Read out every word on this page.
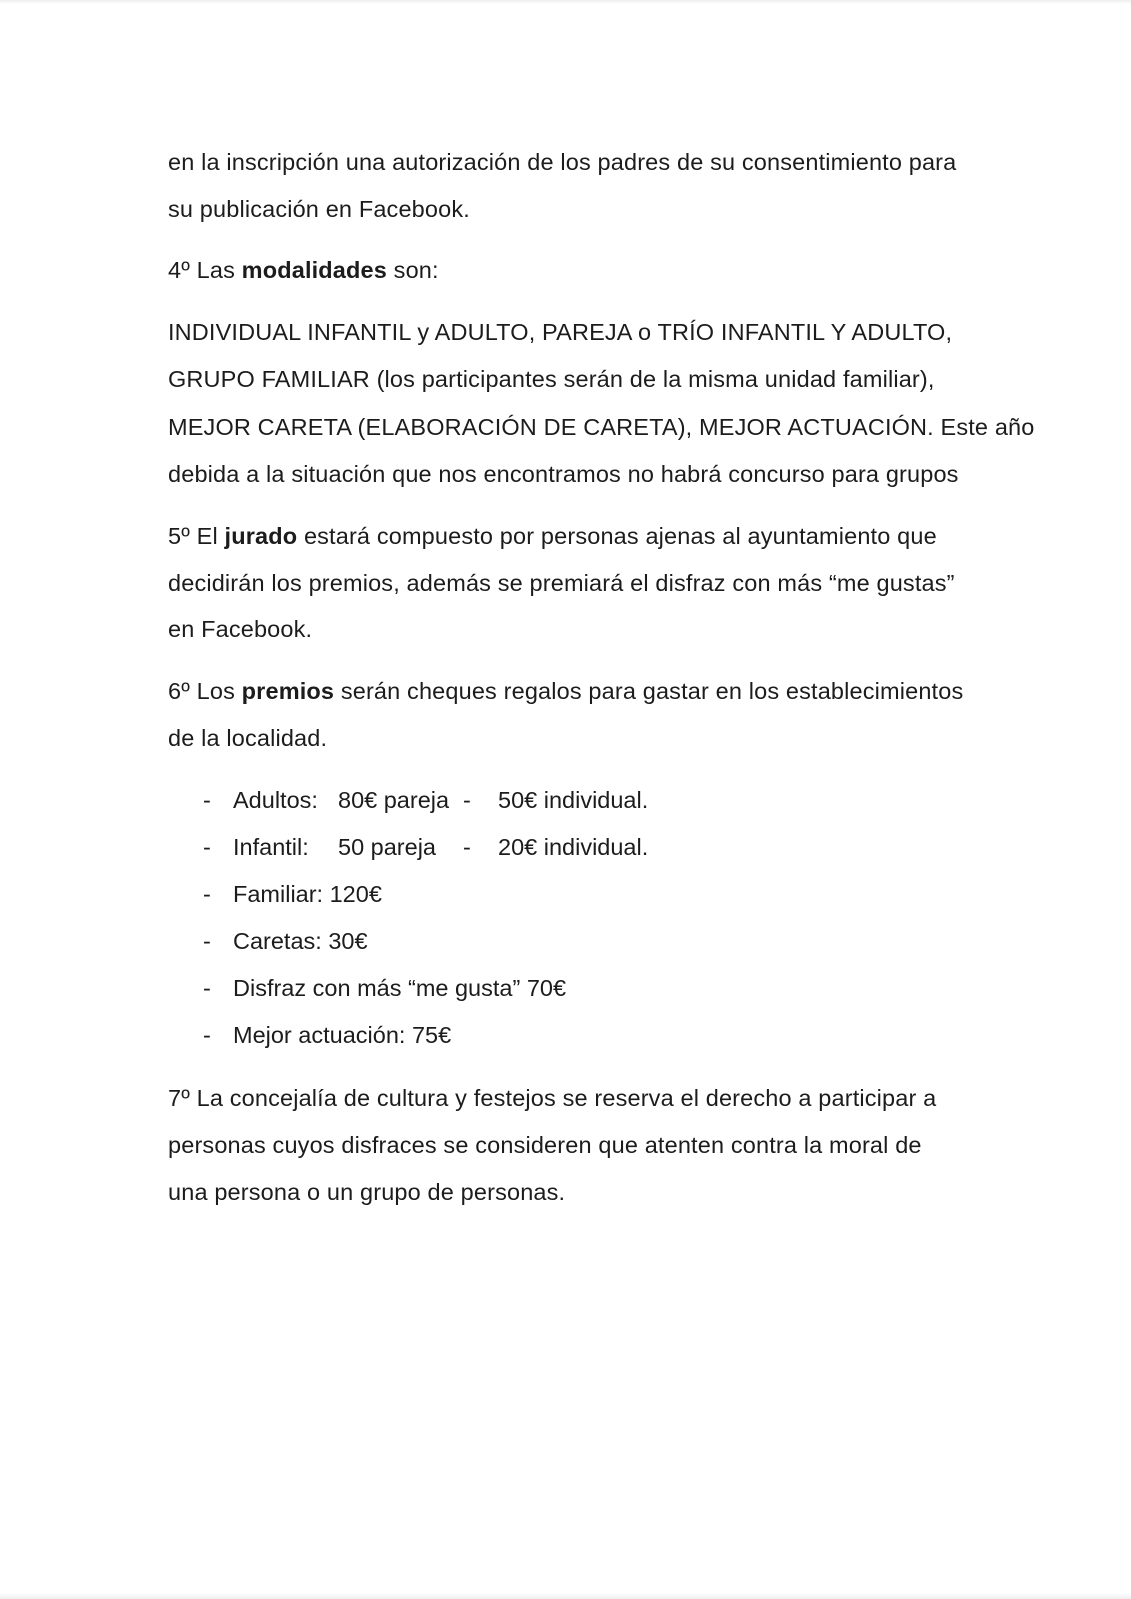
en la inscripción una autorización de los padres de su consentimiento para
su publicación en Facebook.
4º Las modalidades son:
INDIVIDUAL INFANTIL y ADULTO, PAREJA o TRÍO INFANTIL Y ADULTO,
GRUPO FAMILIAR (los participantes serán de la misma unidad familiar),
MEJOR CARETA (ELABORACIÓN DE CARETA), MEJOR ACTUACIÓN. Este año
debida a la situación que nos encontramos no habrá concurso para grupos
5º El jurado estará compuesto por personas ajenas al ayuntamiento que
decidirán los premios, además se premiará el disfraz con más “me gustas”
en Facebook.
6º Los premios serán cheques regalos para gastar en los establecimientos
de la localidad.
- Adultos: 80€ pareja - 50€ individual.
- Infantil: 50 pareja - 20€ individual.
- Familiar: 120€
- Caretas: 30€
- Disfraz con más “me gusta” 70€
- Mejor actuación: 75€
7º La concejalía de cultura y festejos se reserva el derecho a participar a
personas cuyos disfraces se consideren que atenten contra la moral de
una persona o un grupo de personas.
